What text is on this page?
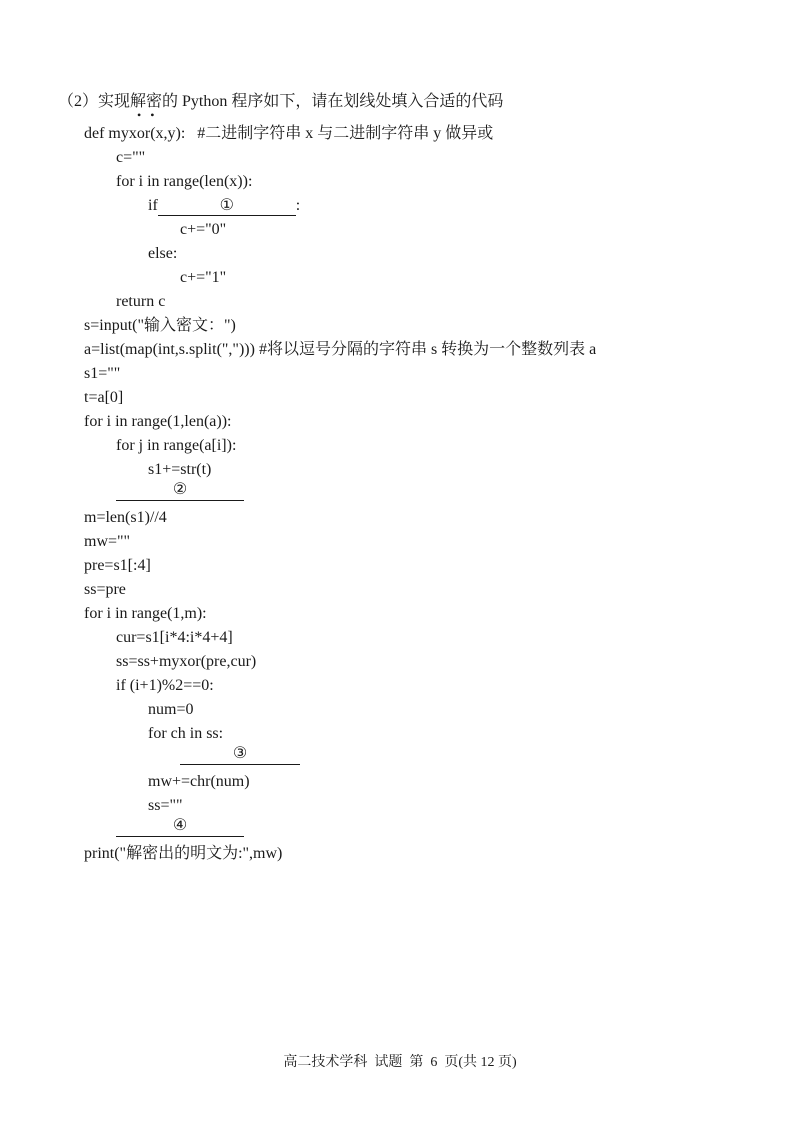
（2）实现解密
•   •
的 Python 程序如下，请在划线处填入合适的代码
def myxor(x,y):   #二进制字符串 x 与二进制字符串 y 做异或
c=""
for i in range(len(x)):
if	①	:
c+="0"
else:
c+="1"
return c
s=input("输入密文：")
a=list(map(int,s.split(","))) #将以逗号分隔的字符串 s 转换为一个整数列表 a
s1=""
t=a[0]
for i in range(1,len(a)):
for j in range(a[i]):
s1+=str(t)
②
m=len(s1)//4
mw=""
pre=s1[:4]
ss=pre
for i in range(1,m):
cur=s1[i*4:i*4+4]
ss=ss+myxor(pre,cur)
if (i+1)%2==0:
num=0
for ch in ss:
③
mw+=chr(num)
ss=""
④
print("解密出的明文为:",mw)
高二技术学科  试题  第  6  页(共 12 页)
